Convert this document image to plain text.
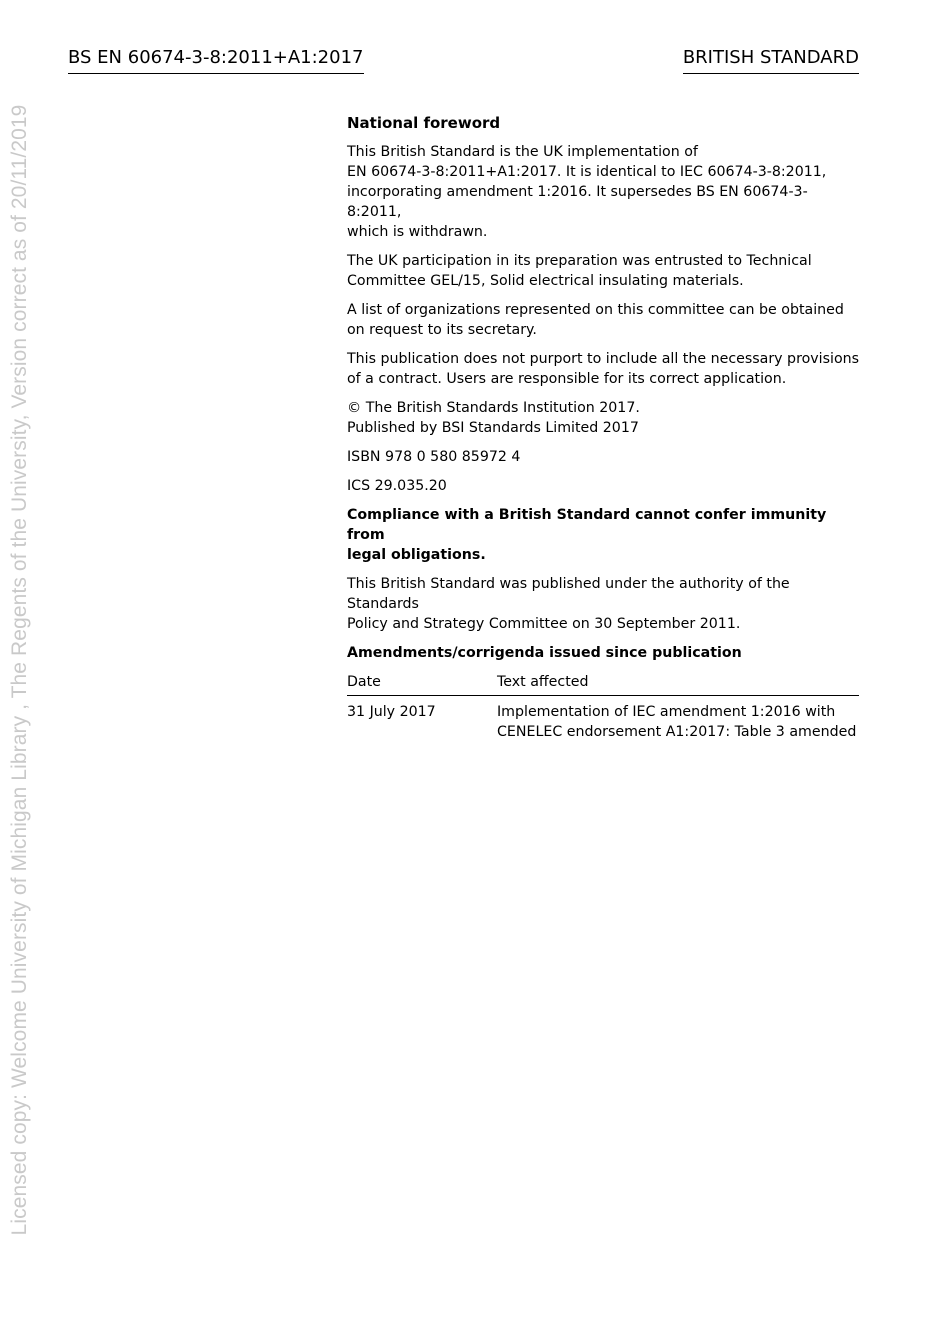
BS EN 60674-3-8:2011+A1:2017	BRITISH STANDARD
Licensed copy: Welcome University of Michigan Library , The Regents of the University, Version correct as of 20/11/2019	National foreword

This British Standard is the UK implementation of
EN 60674-3-8:2011+A1:2017. It is identical to IEC 60674-3-8:2011,
incorporating amendment 1:2016. It supersedes BS EN 60674-3-8:2011,
which is withdrawn.

The UK participation in its preparation was entrusted to Technical
Committee GEL/15, Solid electrical insulating materials.

A list of organizations represented on this committee can be obtained
on request to its secretary.

This publication does not purport to include all the necessary provisions
of a contract. Users are responsible for its correct application.

© The British Standards Institution 2017.
Published by BSI Standards Limited 2017

ISBN 978 0 580 85972 4

ICS 29.035.20

Compliance with a British Standard cannot confer immunity from
legal obligations.

This British Standard was published under the authority of the Standards
Policy and Strategy Committee on 30 September 2011.

Amendments/corrigenda issued since publication

Date	Text affected
31 July 2017	Implementation of IEC amendment 1:2016 with
CENELEC endorsement A1:2017: Table 3 amended
